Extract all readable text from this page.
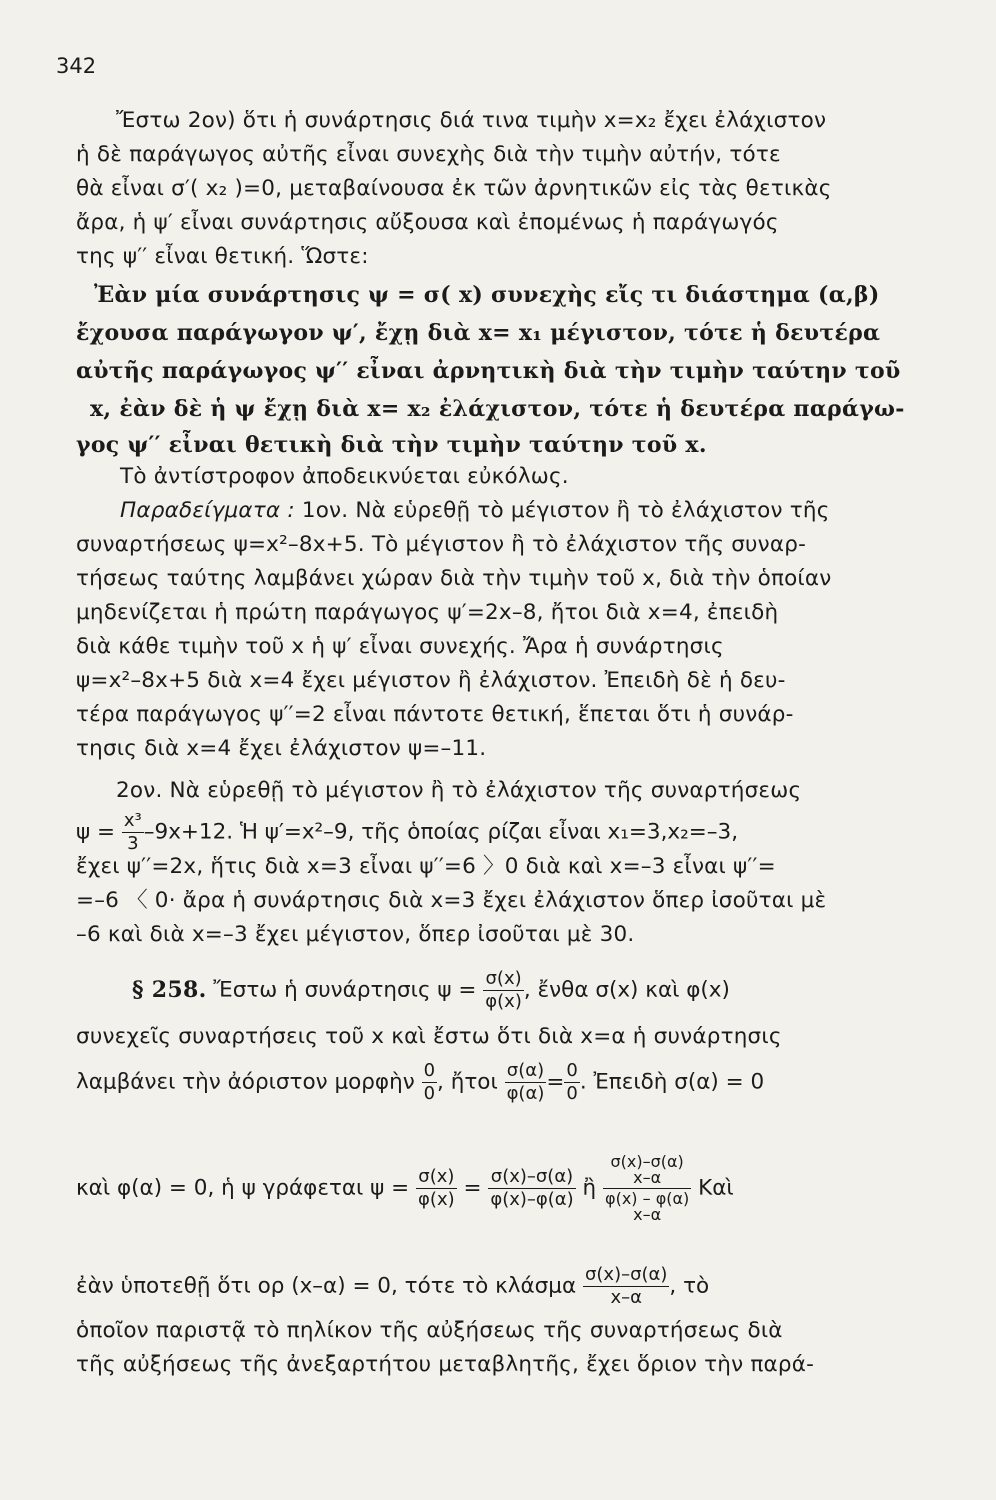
342
Ἔστω 2ον) ὅτι ἡ συνάρτησις διά τινα τιμὴν x=x₂ ἔχει ἐλάχιστον
ἡ δὲ παράγωγος αὐτῆς εἶναι συνεχὴς διὰ τὴν τιμὴν αὐτήν, τότε
θὰ εἶναι σ′( x₂ )=0, μεταβαίνουσα ἐκ τῶν ἀρνητικῶν εἰς τὰς θετικὰς
ἄρα, ἡ ψ′ εἶναι συνάρτησις αὔξουσα καὶ ἐπομένως ἡ παράγωγός
της ψ′′ εἶναι θετική. Ὥστε:
Ἐὰν μία συνάρτησις ψ = σ( x) συνεχὴς εἴς τι διάστημα (α,β)
ἔχουσα παράγωγον ψ′, ἔχῃ διὰ x= x₁ μέγιστον, τότε ἡ δευτέρα
αὐτῆς παράγωγος ψ′′ εἶναι ἀρνητικὴ διὰ τὴν τιμὴν ταύτην τοῦ
x, ἐὰν δὲ ἡ ψ ἔχῃ διὰ x= x₂ ἐλάχιστον, τότε ἡ δευτέρα παράγω-
γος ψ′′ εἶναι θετικὴ διὰ τὴν τιμὴν ταύτην τοῦ x.
Τὸ ἀντίστροφον ἀποδεικνύεται εὐκόλως.
Παραδείγματα : 1ον. Νὰ εὑρεθῇ τὸ μέγιστον ἢ τὸ ἐλάχιστον τῆς
συναρτήσεως ψ=x²–8x+5. Τὸ μέγιστον ἢ τὸ ἐλάχιστον τῆς συναρ-
τήσεως ταύτης λαμβάνει χώραν διὰ τὴν τιμὴν τοῦ x, διὰ τὴν ὁποίαν
μηδενίζεται ἡ πρώτη παράγωγος ψ′=2x–8, ἤτοι διὰ x=4, ἐπειδὴ
διὰ κάθε τιμὴν τοῦ x ἡ ψ′ εἶναι συνεχής. Ἄρα ἡ συνάρτησις
ψ=x²–8x+5 διὰ x=4 ἔχει μέγιστον ἢ ἐλάχιστον. Ἐπειδὴ δὲ ἡ δευ-
τέρα παράγωγος ψ′′=2 εἶναι πάντοτε θετική, ἕπεται ὅτι ἡ συνάρ-
τησις διὰ x=4 ἔχει ἐλάχιστον ψ=–11.
2ον. Νὰ εὑρεθῇ τὸ μέγιστον ἢ τὸ ἐλάχιστον τῆς συναρτήσεως
$\psi = \frac{\text{x³}}{3} -9x+12$. Ἡ ψ′=x²–9, τῆς ὁποίας ρίζαι εἶναι x₁=3,x₂=–3,
ἔχει ψ′′=2x, ἥτις διὰ x=3 εἶναι ψ′′=6 〉0 διὰ καὶ x=–3 εἶναι ψ′′=
=–6 〈 0· ἄρα ἡ συνάρτησις διὰ x=3 ἔχει ἐλάχιστον ὅπερ ἰσοῦται μὲ
–6 καὶ διὰ x=–3 ἔχει μέγιστον, ὅπερ ἰσοῦται μὲ 30.
§ 258. Ἔστω ἡ συνάρτησις $\psi = \frac{\sigma(x)}{\varphi(x)}$ , ἔνθα σ(x) καὶ φ(x)
συνεχεῖς συναρτήσεις τοῦ x καὶ ἔστω ὅτι διὰ x=α ἡ συνάρτησις
λαμβάνει τὴν ἀόριστον μορφὴν $\frac{0}{0}$ , ἤτοι $\frac{\sigma(\alpha)}{\varphi(\alpha)} = \frac{0}{0}$ . Ἐπειδὴ σ(α) = 0
καὶ φ(α) = 0, ἡ ψ γράφεται $\psi = \frac{\sigma(x)}{\varphi(x)} = \frac{\sigma(x)-\sigma(\alpha)}{\varphi(x)-\varphi(\alpha)}$ ἢ
σ(x)–σ(α)
x–α
φ(x) – φ(α)
x–α
Καὶ
ἐὰν ὑποτεθῇ ὅτι ορ (x–α) = 0, τότε τὸ κλάσμα $\frac{\sigma(x)-\sigma(\alpha)}{x-\alpha}$ , τὸ
ὁποῖον παριστᾷ τὸ πηλίκον τῆς αὐξήσεως τῆς συναρτήσεως διὰ
τῆς αὐξήσεως τῆς ἀνεξαρτήτου μεταβλητῆς, ἔχει ὅριον τὴν παρά-
